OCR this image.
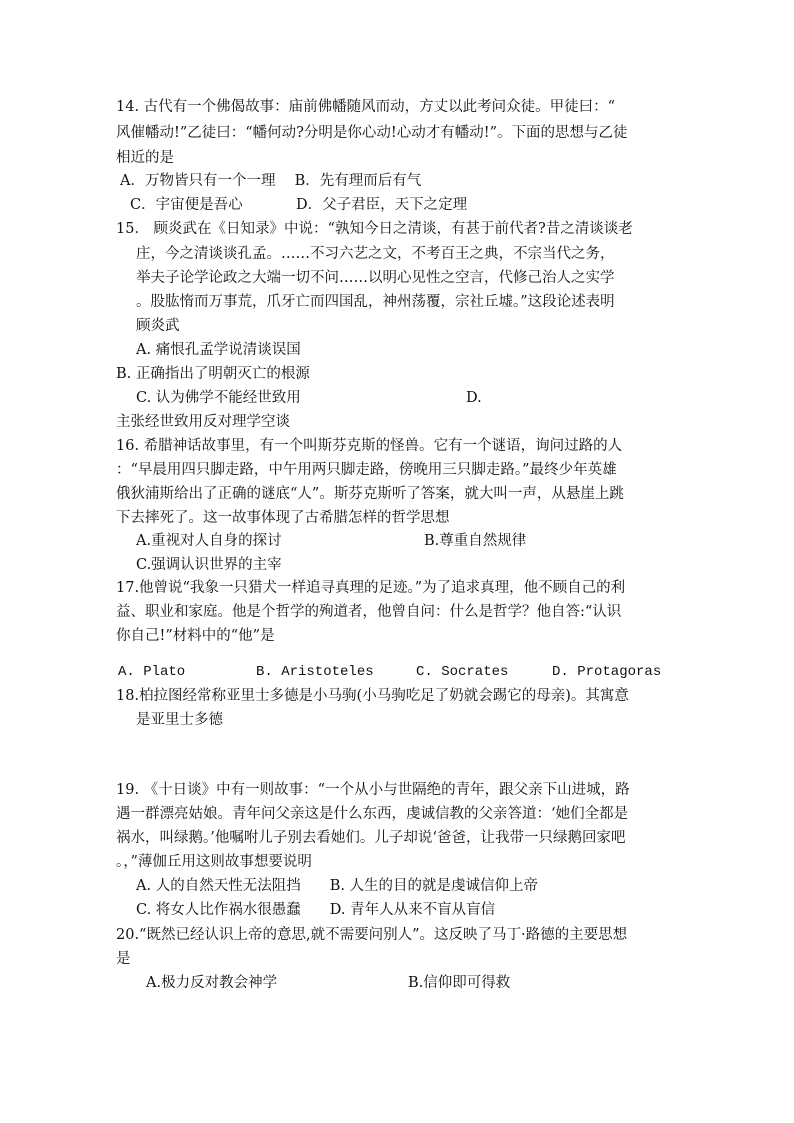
14. 古代有一个佛偈故事：庙前佛幡随风而动，方丈以此考问众徒。甲徒曰：“
风催幡动!”乙徒曰：“幡何动?分明是你心动!心动才有幡动!”。下面的思想与乙徒
相近的是
A．万物皆只有一个一理　 B．先有理而后有气
C．宇宙便是吾心	D．父子君臣，天下之定理
15． 顾炎武在《日知录》中说：“孰知今日之清谈，有甚于前代者?昔之清谈谈老
庄，今之清谈谈孔孟。……不习六艺之文，不考百王之典，不宗当代之务，
举夫子论学论政之大端一切不问……以明心见性之空言，代修己治人之实学
。股肱惰而万事荒，爪牙亡而四国乱，神州荡覆，宗社丘墟。”这段论述表明
顾炎武
A. 痛恨孔孟学说清谈误国
B. 正确指出了明朝灭亡的根源
C. 认为佛学不能经世致用	D.
主张经世致用反对理学空谈
16. 希腊神话故事里，有一个叫斯芬克斯的怪兽。它有一个谜语，询问过路的人
：“早晨用四只脚走路，中午用两只脚走路，傍晚用三只脚走路。”最终少年英雄
俄狄浦斯给出了正确的谜底“人”。斯芬克斯听了答案，就大叫一声，从悬崖上跳
下去摔死了。这一故事体现了古希腊怎样的哲学思想
A.重视对人自身的探讨	B.尊重自然规律
C.强调认识世界的主宰
17.他曾说“我象一只猎犬一样追寻真理的足迹。”为了追求真理，他不顾自己的利
益、职业和家庭。他是个哲学的殉道者，他曾自问：什么是哲学？他自答:“认识
你自己!”材料中的“他”是
A. Plato	B. Aristoteles	C. Socrates	D. Protagoras
18.柏拉图经常称亚里士多德是小马驹(小马驹吃足了奶就会踢它的母亲)。其寓意
是亚里士多德
19. 《十日谈》中有一则故事：“一个从小与世隔绝的青年，跟父亲下山进城，路
遇一群漂亮姑娘。青年问父亲这是什么东西，虔诚信教的父亲答道：‘她们全都是
祸水，叫绿鹅。’他嘱咐儿子别去看她们。儿子却说‘爸爸，让我带一只绿鹅回家吧
。，”薄伽丘用这则故事想要说明
A. 人的自然天性无法阻挡　　B. 人生的目的就是虔诚信仰上帝
C. 将女人比作祸水很愚蠢　　D. 青年人从来不盲从盲信
20.“既然已经认识上帝的意思,就不需要问别人”。这反映了马丁·路德的主要思想
是
A.极力反对教会神学	B.信仰即可得救
